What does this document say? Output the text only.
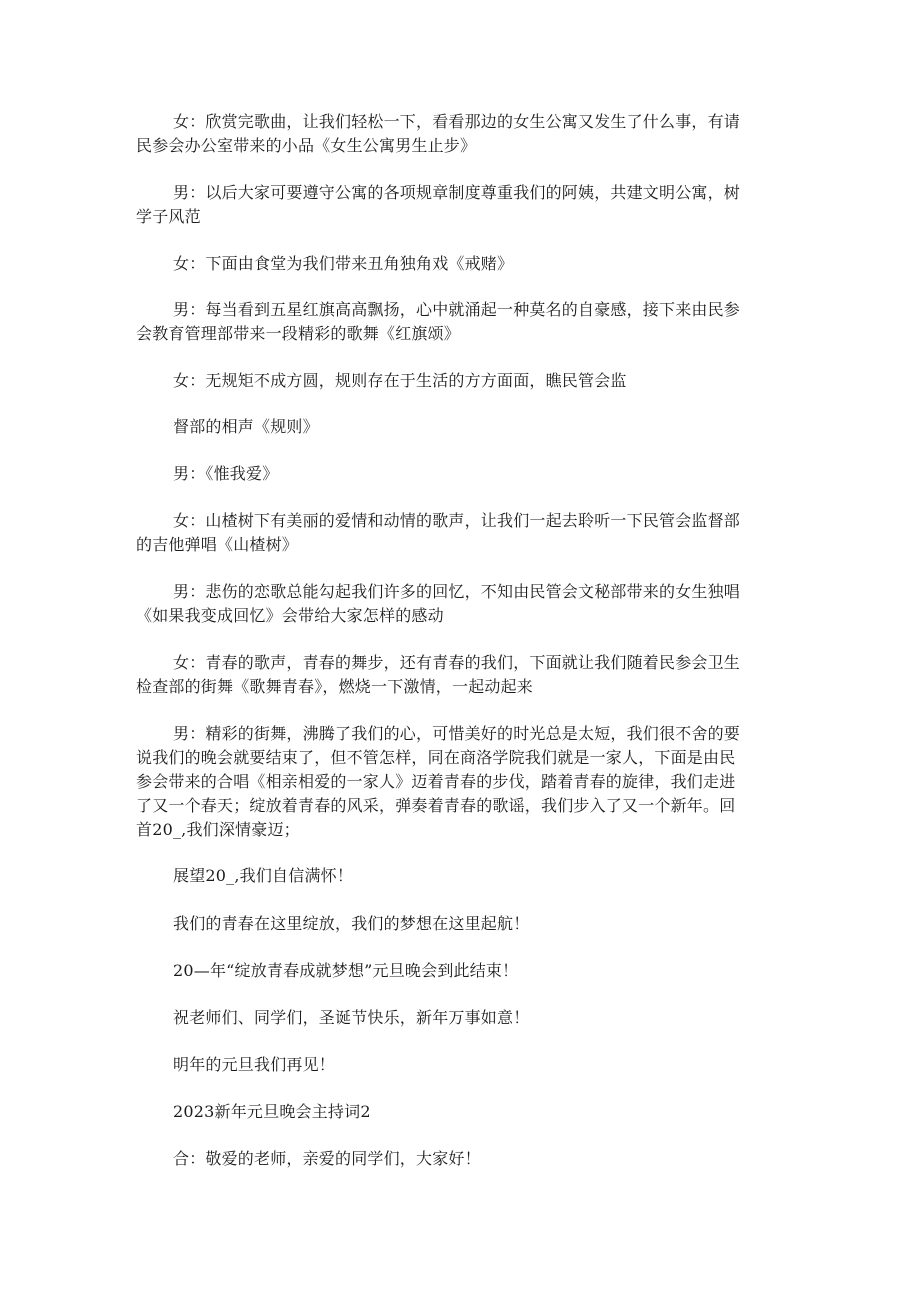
女：欣赏完歌曲，让我们轻松一下，看看那边的女生公寓又发生了什么事，有请
民参会办公室带来的小品《女生公寓男生止步》
男：以后大家可要遵守公寓的各项规章制度尊重我们的阿姨，共建文明公寓，树
学子风范
女：下面由食堂为我们带来丑角独角戏《戒赌》
男：每当看到五星红旗高高飘扬，心中就涌起一种莫名的自豪感，接下来由民参
会教育管理部带来一段精彩的歌舞《红旗颂》
女：无规矩不成方圆，规则存在于生活的方方面面，瞧民管会监
督部的相声《规则》
男：《惟我爱》
女：山楂树下有美丽的爱情和动情的歌声，让我们一起去聆听一下民管会监督部
的吉他弹唱《山楂树》
男：悲伤的恋歌总能勾起我们许多的回忆，不知由民管会文秘部带来的女生独唱
《如果我变成回忆》会带给大家怎样的感动
女：青春的歌声，青春的舞步，还有青春的我们，下面就让我们随着民参会卫生
检查部的街舞《歌舞青春》，燃烧一下激情，一起动起来
男：精彩的街舞，沸腾了我们的心，可惜美好的时光总是太短，我们很不舍的要
说我们的晚会就要结束了，但不管怎样，同在商洛学院我们就是一家人，下面是由民
参会带来的合唱《相亲相爱的一家人》迈着青春的步伐，踏着青春的旋律，我们走进
了又一个春天；绽放着青春的风采，弹奏着青春的歌谣，我们步入了又一个新年。回
首20_,我们深情豪迈；
展望20_,我们自信满怀！
我们的青春在这里绽放，我们的梦想在这里起航！
20—年“绽放青春成就梦想”元旦晚会到此结束！
祝老师们、同学们，圣诞节快乐，新年万事如意！
明年的元旦我们再见！
2023新年元旦晚会主持词2
合：敬爱的老师，亲爱的同学们，大家好！
